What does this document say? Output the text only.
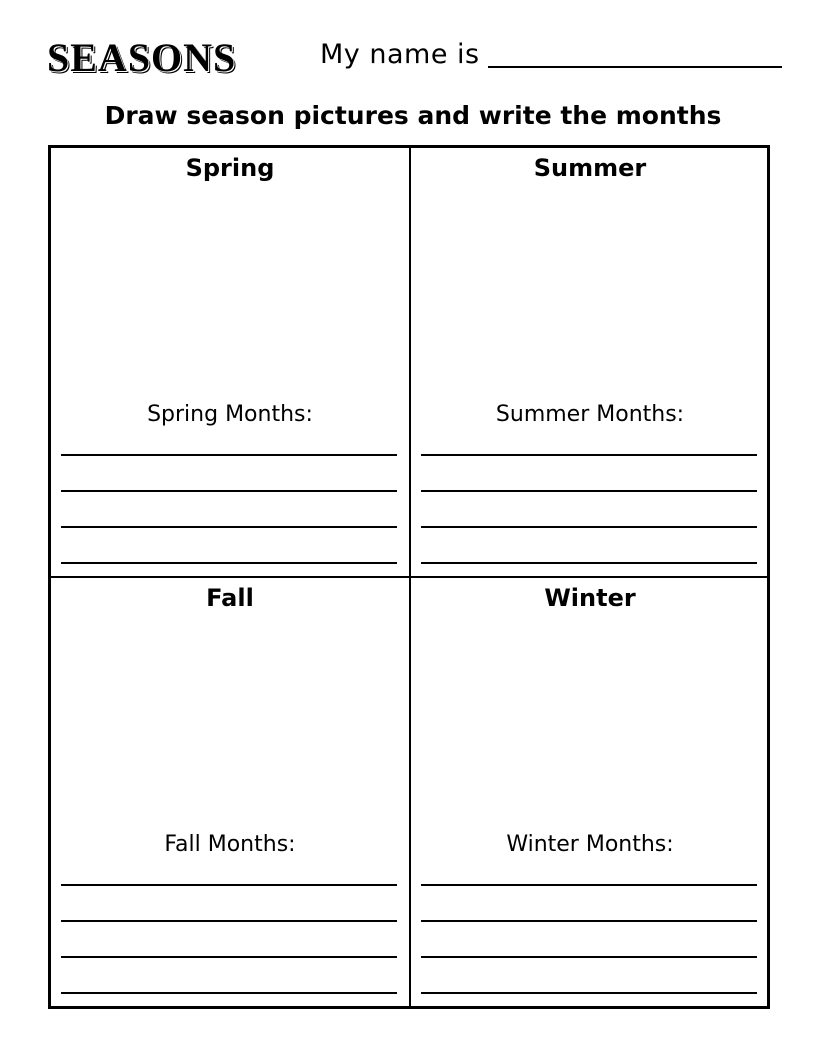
SEASONS	My name is
Draw season pictures and write the months
Spring
Spring Months:
Summer
Summer Months:
Fall
Fall Months:
Winter
Winter Months:
